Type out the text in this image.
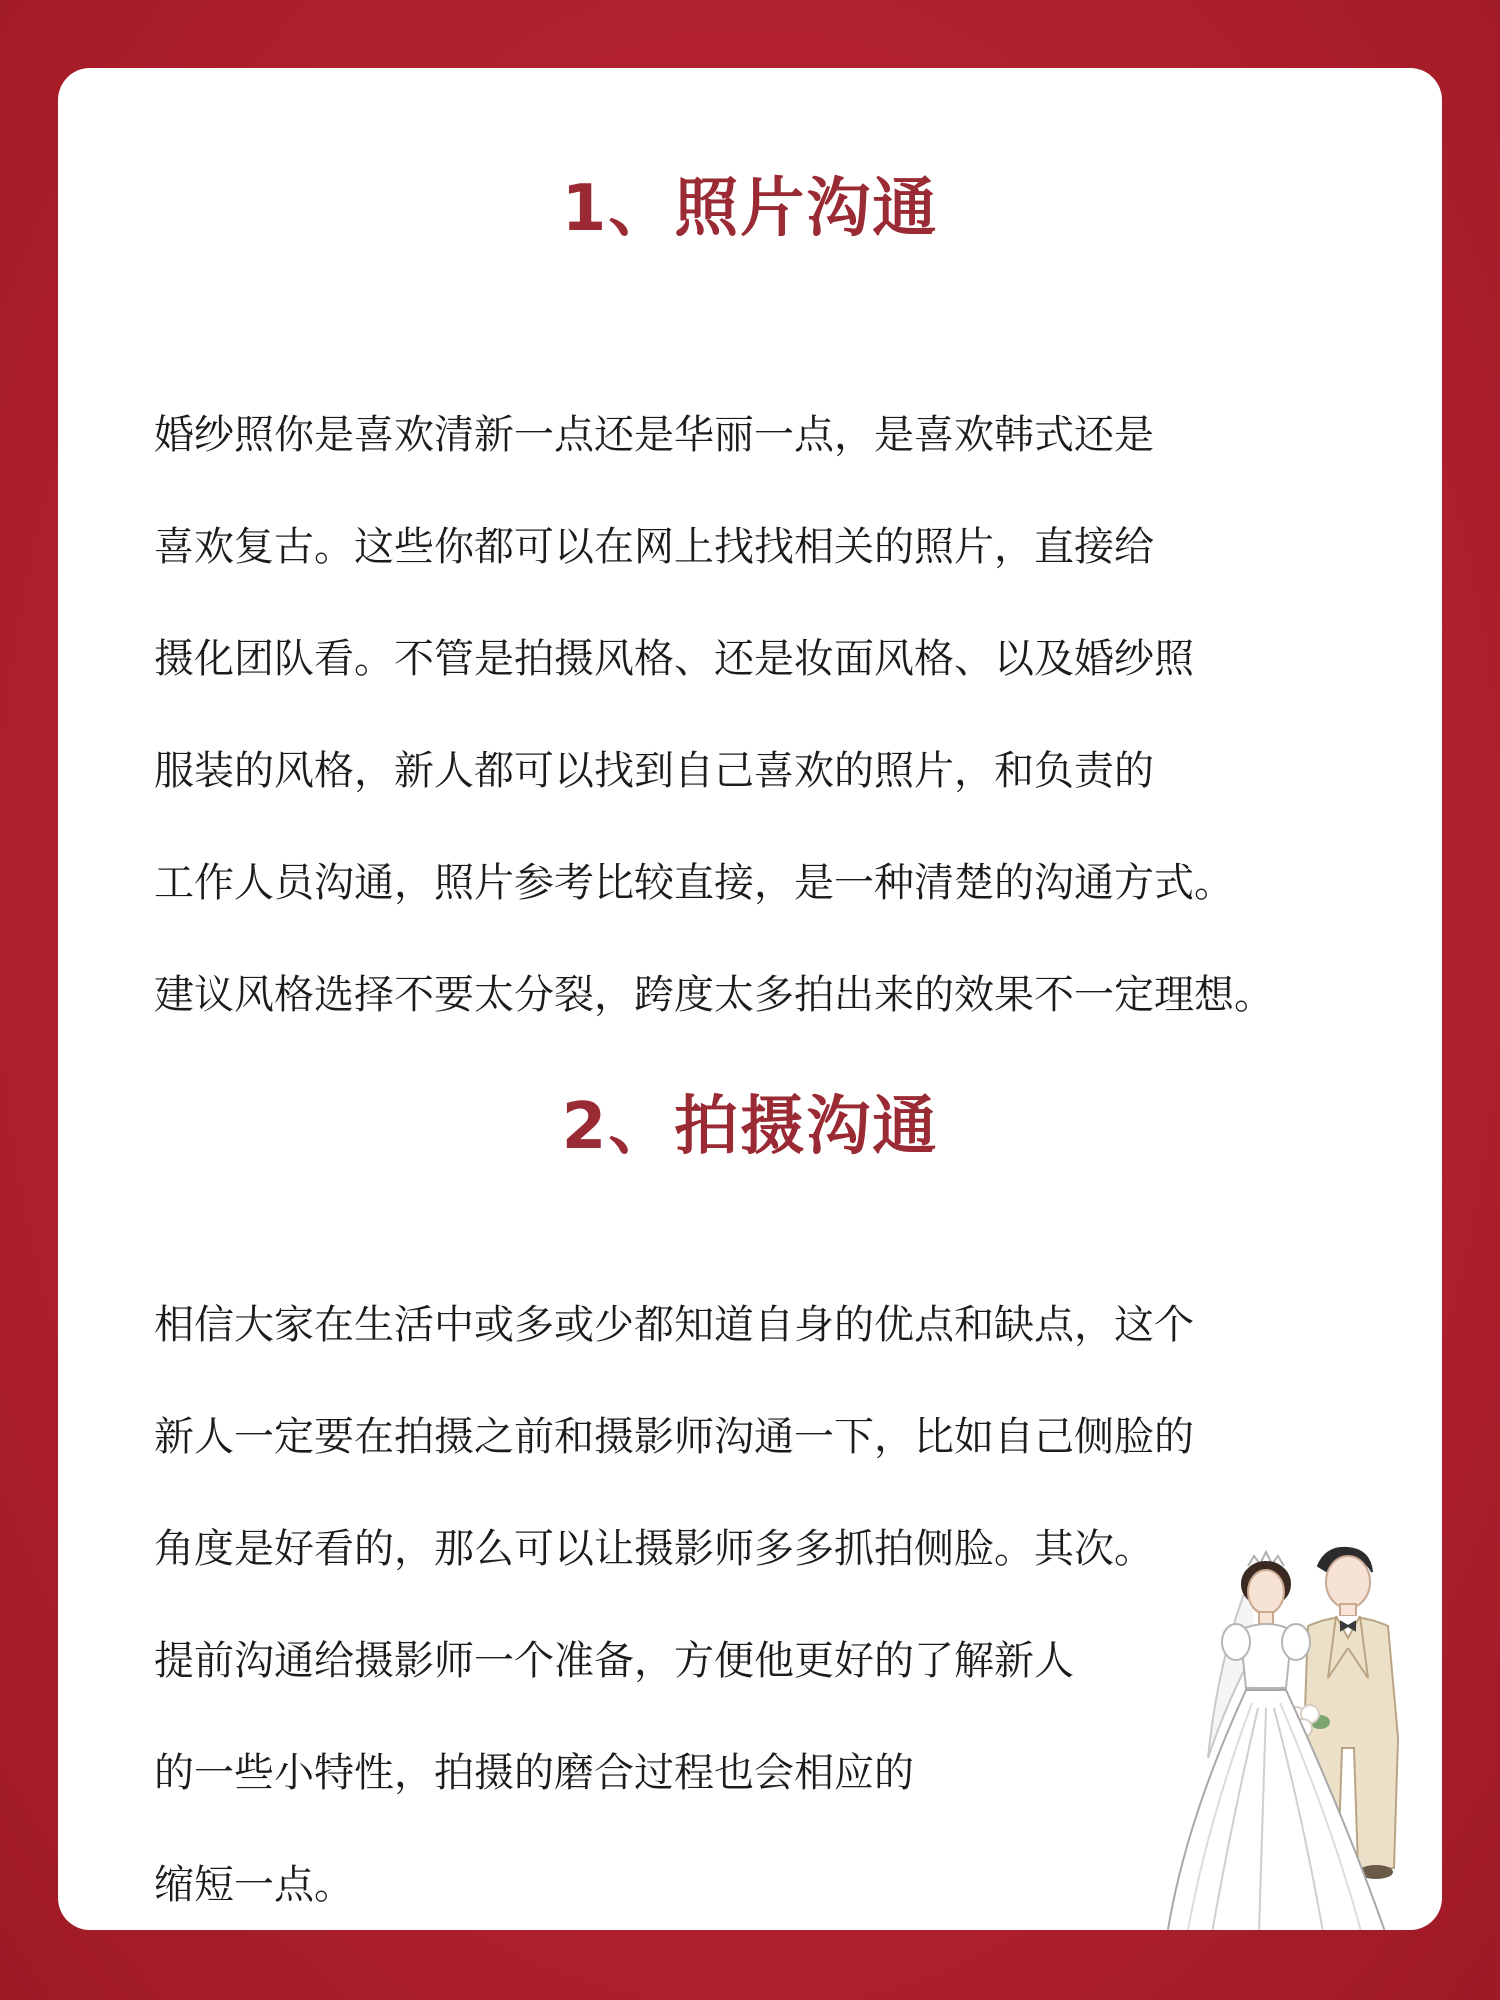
1、照片沟通
婚纱照你是喜欢清新一点还是华丽一点，是喜欢韩式还是
喜欢复古。这些你都可以在网上找找相关的照片，直接给
摄化团队看。不管是拍摄风格、还是妆面风格、以及婚纱照
服装的风格，新人都可以找到自己喜欢的照片，和负责的
工作人员沟通，照片参考比较直接，是一种清楚的沟通方式。
建议风格选择不要太分裂，跨度太多拍出来的效果不一定理想。
2、拍摄沟通
相信大家在生活中或多或少都知道自身的优点和缺点，这个
新人一定要在拍摄之前和摄影师沟通一下，比如自己侧脸的
角度是好看的，那么可以让摄影师多多抓拍侧脸。其次。
提前沟通给摄影师一个准备，方便他更好的了解新人
的一些小特性，拍摄的磨合过程也会相应的
缩短一点。
